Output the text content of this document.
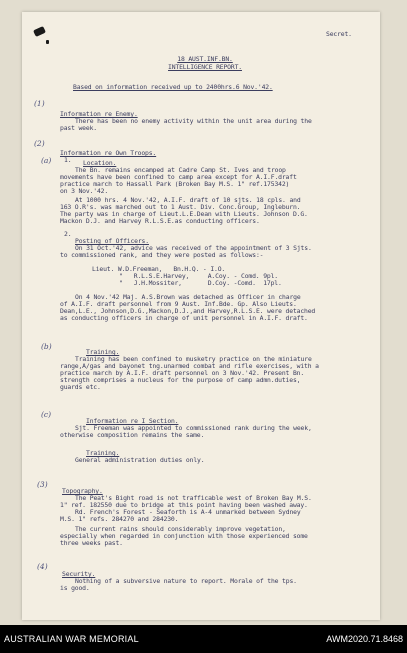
Secret.
18 AUST.INF.BN.
INTELLIGENCE REPORT.
Based on information received up to 2400hrs.6 Nov.'42.
(1)
Information re Enemy.
There has been no enemy activity within the unit area during the
past week.
(2)
Information re Own Troops.
(a) 1. Location.
The Bn. remains encamped at Cadre Camp St. Ives and troop
movements have been confined to camp area except for A.I.F.draft
practice march to Hassall Park (Broken Bay M.S. 1" ref.175342)
on 3 Nov.'42.
At 1000 hrs. 4 Nov.'42, A.I.F. draft of 10 sjts. 18 cpls. and
163 O.R's. was marched out to 1 Aust. Div. Conc.Group, Ingleburn.
The party was in charge of Lieut.L.E.Dean with Lieuts. Johnson D.G.
Mackon D.J. and Harvey R.L.S.E.as conducting officers.
2.
Posting of Officers.
On 31 Oct.'42, advice was received of the appointment of 3 Sjts.
to commissioned rank, and they were posted as follows:-
Lieut. W.D.Freeman,   Bn.H.Q. - I.O.
"   R.L.S.E.Harvey,     A.Coy. - Comd. 9pl.
"   J.H.Mossiter,       D.Coy. -Comd.  17pl.
On 4 Nov.'42 Maj. A.S.Brown was detached as Officer in charge
of A.I.F. draft personnel from 9 Aust. Inf.Bde. Gp. Also Lieuts.
Dean,L.E., Johnson,D.G.,Mackon,D.J.,and Harvey,R.L.S.E. were detached
as conducting officers in charge of unit personnel in A.I.F. draft.
(b)
Training.
Training has been confined to musketry practice on the miniature
range,A/gas and bayonet tng.unarmed combat and rifle exercises, with a
practice march by A.I.F. draft personnel on 3 Nov.'42. Present Bn.
strength comprises a nucleus for the purpose of camp admn.duties,
guards etc.
(c)
Information re I Section.
Sjt. Freeman was appointed to commissioned rank during the week,
otherwise composition remains the same.
Training.
General administration duties only.
(3)
Topography.
The Peat's Bight road is not trafficable west of Broken Bay M.S.
1" ref. 182550 due to bridge at this point having been washed away.
Rd. French's Forest - Seaforth is A-4 unmarked between Sydney
M.S. 1" refs. 284270 and 284230.
The current rains should considerably improve vegetation,
especially when regarded in conjunction with those experienced some
three weeks past.
(4)
Security.
Nothing of a subversive nature to report. Morale of the tps.
is good.
AUSTRALIAN WAR MEMORIAL	AWM2020.71.8468
